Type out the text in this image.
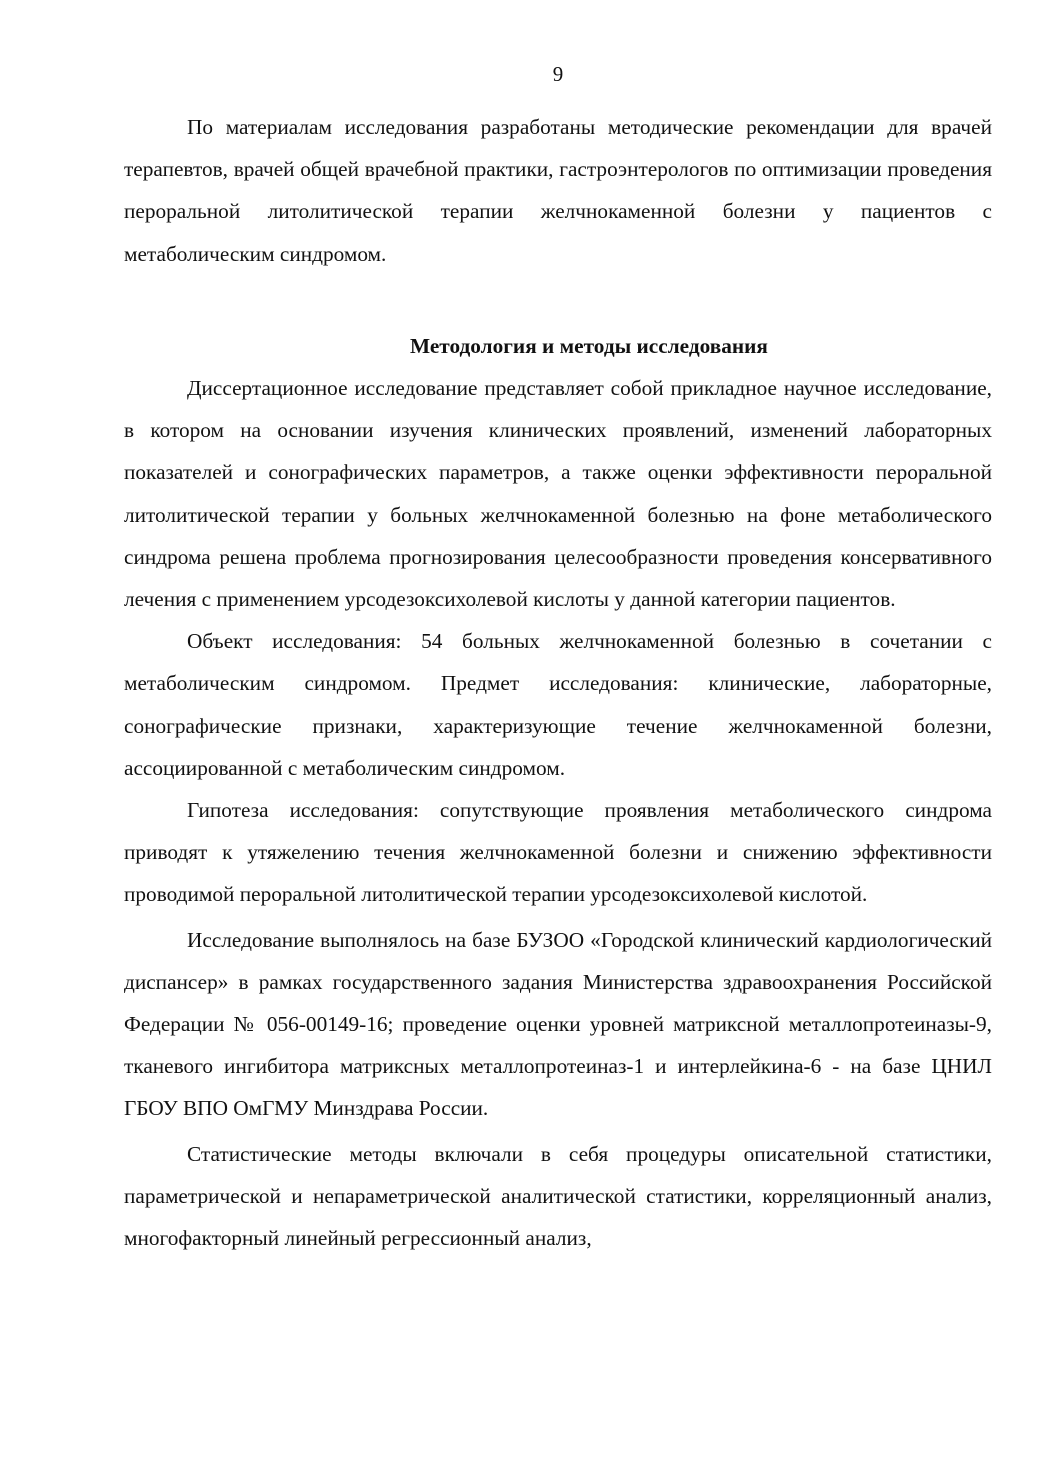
9

По материалам исследования разработаны методические рекомендации для врачей терапевтов, врачей общей врачебной практики, гастроэнтерологов по оптимизации проведения пероральной литолитической терапии желчнокаменной болезни у пациентов с метаболическим синдромом.

Методология и методы исследования

Диссертационное исследование представляет собой прикладное научное исследование, в котором на основании изучения клинических проявлений, изменений лабораторных показателей и сонографических параметров, а также оценки эффективности пероральной литолитической терапии у больных желчнокаменной болезнью на фоне метаболического синдрома решена проблема прогнозирования целесообразности проведения консервативного лечения с применением урсодезоксихолевой кислоты у данной категории пациентов.

Объект исследования: 54 больных желчнокаменной болезнью в сочетании с метаболическим синдромом. Предмет исследования: клинические, лабораторные, сонографические признаки, характеризующие течение желчнокаменной болезни, ассоциированной с метаболическим синдромом.

Гипотеза исследования: сопутствующие проявления метаболического синдрома приводят к утяжелению течения желчнокаменной болезни и снижению эффективности проводимой пероральной литолитической терапии урсодезоксихолевой кислотой.

Исследование выполнялось на базе БУЗОО «Городской клинический кардиологический диспансер» в рамках государственного задания Министерства здравоохранения Российской Федерации № 056-00149-16; проведение оценки уровней матриксной металлопротеиназы-9, тканевого ингибитора матриксных металлопротеиназ-1 и интерлейкина-6 - на базе ЦНИЛ ГБОУ ВПО ОмГМУ Минздрава России.

Статистические методы включали в себя процедуры описательной статистики, параметрической и непараметрической аналитической статистики, корреляционный анализ, многофакторный линейный регрессионный анализ,
